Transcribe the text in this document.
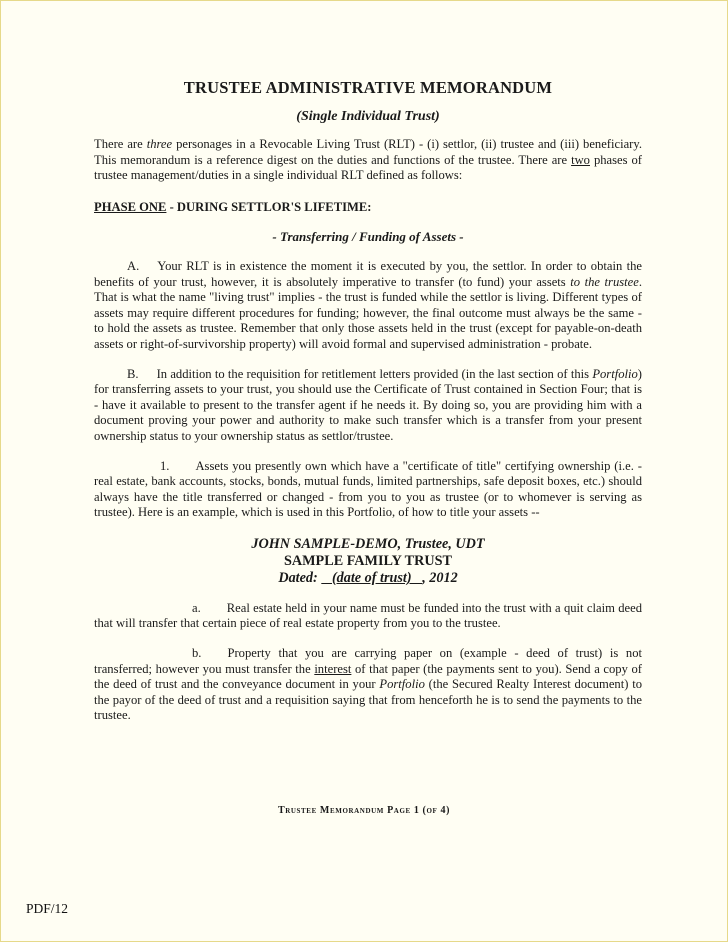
TRUSTEE ADMINISTRATIVE MEMORANDUM
(Single Individual Trust)

There are three personages in a Revocable Living Trust (RLT) - (i) settlor, (ii) trustee and (iii) beneficiary. This memorandum is a reference digest on the duties and functions of the trustee. There are two phases of trustee management/duties in a single individual RLT defined as follows:

PHASE ONE - DURING SETTLOR'S LIFETIME:
- Transferring / Funding of Assets -

A. Your RLT is in existence the moment it is executed by you, the settlor. In order to obtain the benefits of your trust, however, it is absolutely imperative to transfer (to fund) your assets to the trustee. That is what the name "living trust" implies - the trust is funded while the settlor is living. Different types of assets may require different procedures for funding; however, the final outcome must always be the same - to hold the assets as trustee. Remember that only those assets held in the trust (except for payable-on-death assets or right-of-survivorship property) will avoid formal and supervised administration - probate.

B. In addition to the requisition for retitlement letters provided (in the last section of this Portfolio) for transferring assets to your trust, you should use the Certificate of Trust contained in Section Four; that is - have it available to present to the transfer agent if he needs it. By doing so, you are providing him with a document proving your power and authority to make such transfer which is a transfer from your present ownership status to your ownership status as settlor/trustee.

1. Assets you presently own which have a "certificate of title" certifying ownership (i.e. - real estate, bank accounts, stocks, bonds, mutual funds, limited partnerships, safe deposit boxes, etc.) should always have the title transferred or changed - from you to you as trustee (or to whomever is serving as trustee). Here is an example, which is used in this Portfolio, of how to title your assets --

JOHN SAMPLE-DEMO, Trustee, UDT
SAMPLE FAMILY TRUST
Dated:    (date of trust)   , 2012

a. Real estate held in your name must be funded into the trust with a quit claim deed that will transfer that certain piece of real estate property from you to the trustee.

b. Property that you are carrying paper on (example - deed of trust) is not transferred; however you must transfer the interest of that paper (the payments sent to you). Send a copy of the deed of trust and the conveyance document in your Portfolio (the Secured Realty Interest document) to the payor of the deed of trust and a requisition saying that from henceforth he is to send the payments to the trustee.

Trustee Memorandum Page 1 (of 4)
PDF/12
